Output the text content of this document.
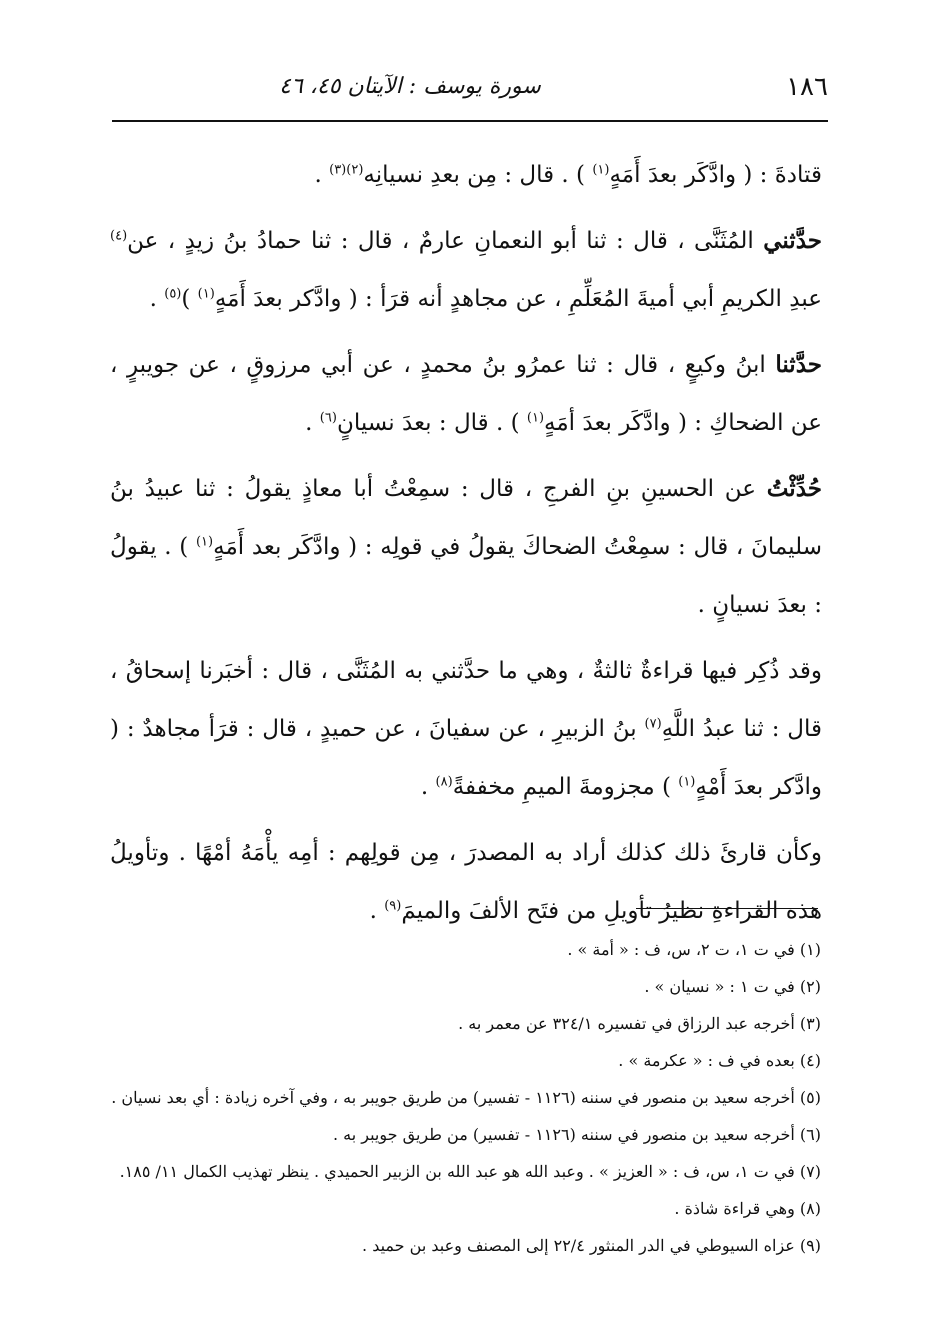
١٨٦
سورة يوسف : الآيتان ٤٥، ٤٦

قتادةَ : ( وادَّكَر بعدَ أَمَهٍ$^{(١)}$ ) . قال : مِن بعدِ نسيانِه$^{(٢)(٣)}$ .

حدَّثني المُثَنَّى ، قال : ثنا أبو النعمانِ عارمٌ ، قال : ثنا حمادُ بنُ زيدٍ ، عن$^{(٤)}$ عبدِ الكريمِ أبي أميةَ المُعَلِّمِ ، عن مجاهدٍ أنه قرَأ : ( وادَّكر بعدَ أَمَهٍ$^{(١)}$ )$^{(٥)}$ .

حدَّثنا ابنُ وكيعٍ ، قال : ثنا عمرُو بنُ محمدٍ ، عن أبي مرزوقٍ ، عن جويبرٍ ، عن الضحاكِ : ( وادَّكَر بعدَ أمَهٍ$^{(١)}$ ) . قال : بعدَ نسيانٍ$^{(٦)}$ .

حُدِّثْتُ عن الحسينِ بنِ الفرجِ ، قال : سمِعْتُ أبا معاذٍ يقولُ : ثنا عبيدُ بنُ سليمانَ ، قال : سمِعْتُ الضحاكَ يقولُ في قولِه : ( وادَّكَر بعد أَمَهٍ$^{(١)}$ ) . يقولُ : بعدَ نسيانٍ .

وقد ذُكِر فيها قراءةٌ ثالثةٌ ، وهي ما حدَّثني به المُثَنَّى ، قال : أخبَرنا إسحاقُ ، قال : ثنا عبدُ اللَّهِ$^{(٧)}$ بنُ الزبيرِ ، عن سفيانَ ، عن حميدٍ ، قال : قرَأ مجاهدٌ : ( وادَّكر بعدَ أَمْهٍ$^{(١)}$ ) مجزومةَ الميمِ مخففةً$^{(٨)}$ .

وكأن قارئَ ذلك كذلك أراد به المصدرَ ، مِن قولِهم : أمِه يأْمَهُ أمْهًا . وتأويلُ هذه القراءةِ نظيرُ تأويلِ من فتَح الألفَ والميمَ$^{(٩)}$ .

(١) في ت ١، ت ٢، س، ف : « أمة » .

(٢) في ت ١ : « نسيان » .

(٣) أخرجه عبد الرزاق في تفسيره ٣٢٤/١ عن معمر به .

(٤) بعده في ف : « عكرمة » .

(٥) أخرجه سعيد بن منصور في سننه (١١٢٦ - تفسير) من طريق جويبر به ، وفي آخره زيادة : أي بعد نسيان .

(٦) أخرجه سعيد بن منصور في سننه (١١٢٦ - تفسير) من طريق جويبر به .

(٧) في ت ١، س، ف : « العزيز » . وعبد الله هو عبد الله بن الزبير الحميدي . ينظر تهذيب الكمال ١١/ ١٨٥.

(٨) وهي قراءة شاذة .

(٩) عزاه السيوطي في الدر المنثور ٢٢/٤ إلى المصنف وعبد بن حميد .
